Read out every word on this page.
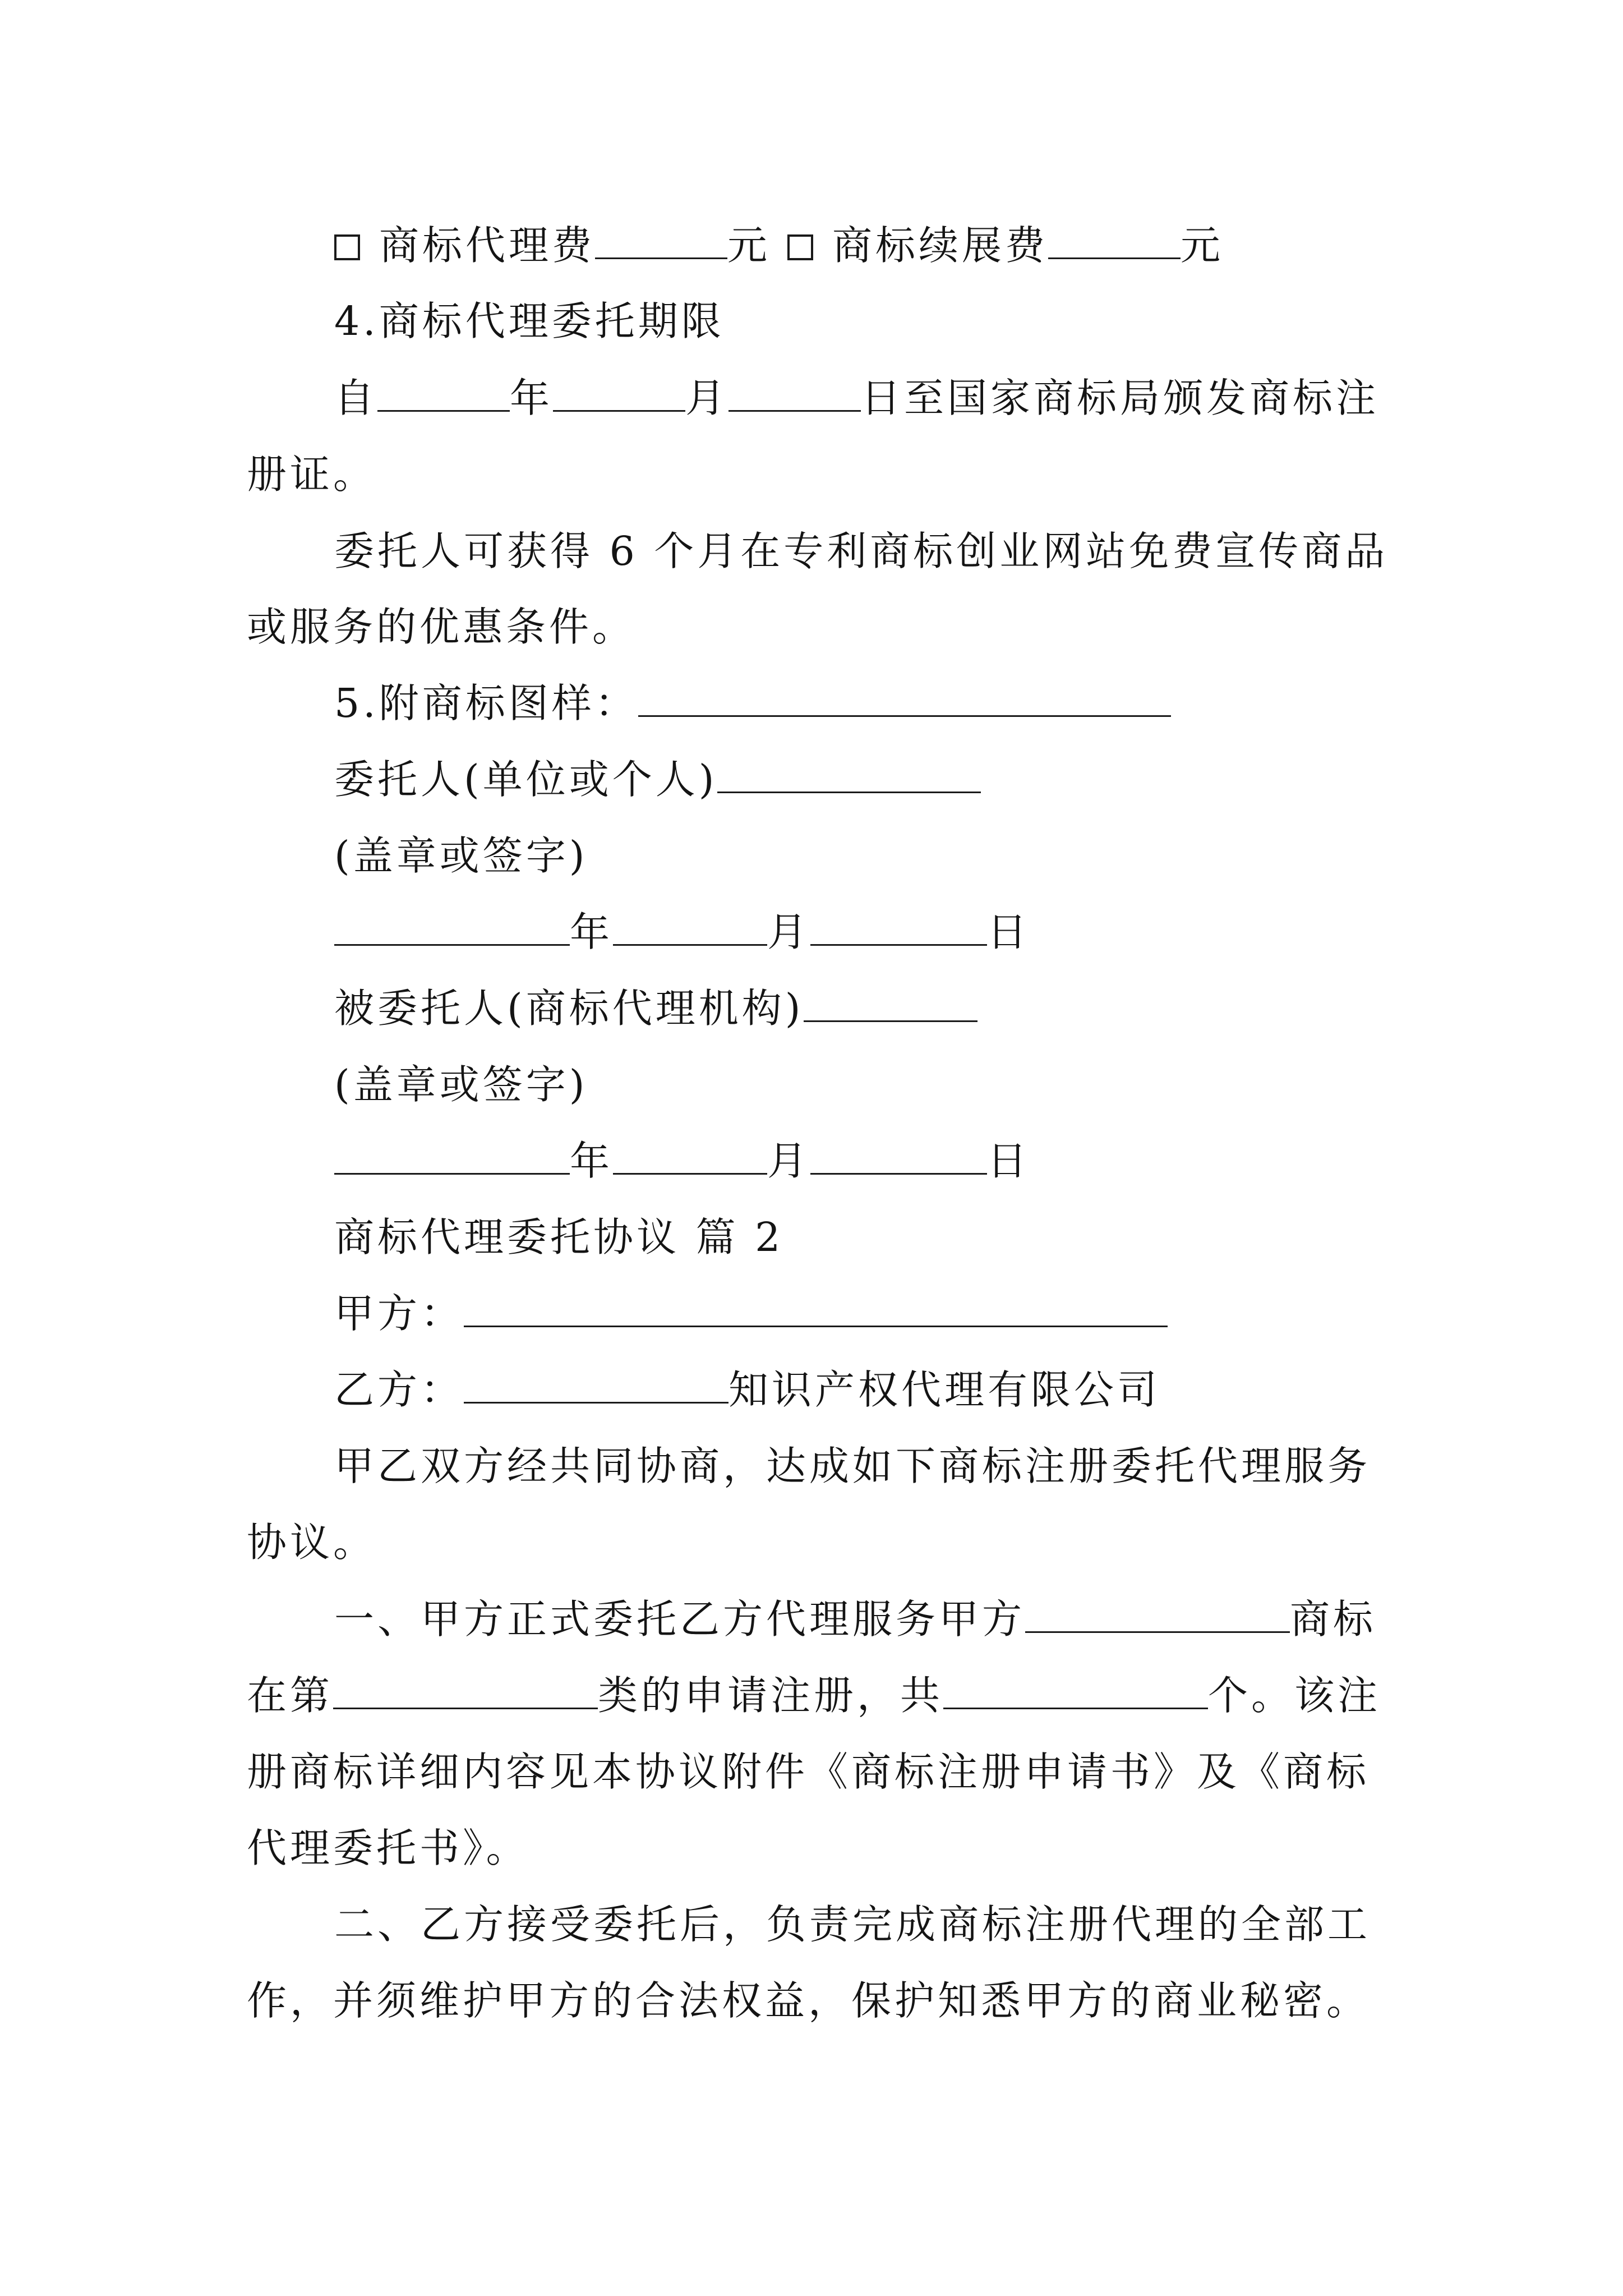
商标代理费	元 商标续展费	元
4.商标代理委托期限
自	年	月	日至国家商标局颁发商标注
册证。
委托人可获得 6 个月在专利商标创业网站免费宣传商品
或服务的优惠条件。
5.附商标图样：
委托人(单位或个人)
(盖章或签字)
年	月	日
被委托人(商标代理机构)
(盖章或签字)
年	月	日
商标代理委托协议 篇 2
甲方：
乙方：	知识产权代理有限公司
甲乙双方经共同协商，达成如下商标注册委托代理服务
协议。
一、甲方正式委托乙方代理服务甲方	商标
在第	类的申请注册，共	个。该注
册商标详细内容见本协议附件《商标注册申请书》及《商标
代理委托书》。
二、乙方接受委托后，负责完成商标注册代理的全部工
作，并须维护甲方的合法权益，保护知悉甲方的商业秘密。
